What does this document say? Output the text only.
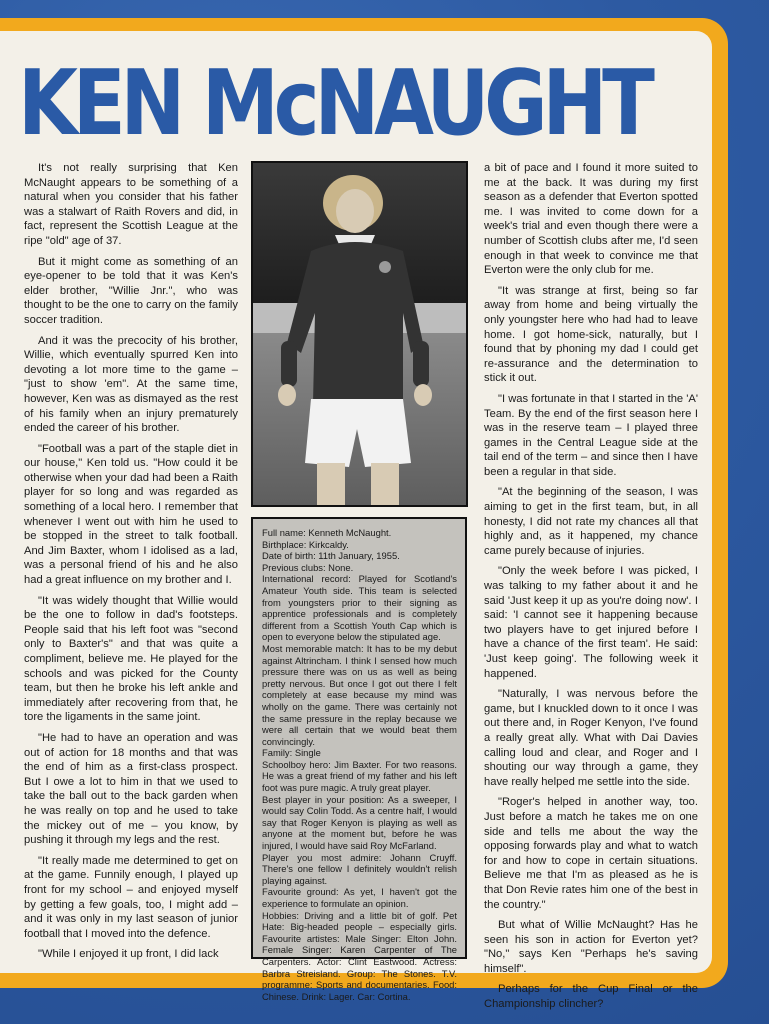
KEN McNAUGHT

It's not really surprising that Ken McNaught appears to be something of a natural when you consider that his father was a stalwart of Raith Rovers and did, in fact, represent the Scottish League at the ripe "old" age of 37.

But it might come as something of an eye-opener to be told that it was Ken's elder brother, "Willie Jnr.", who was thought to be the one to carry on the family soccer tradition.

And it was the precocity of his brother, Willie, which eventually spurred Ken into devoting a lot more time to the game – "just to show 'em". At the same time, however, Ken was as dismayed as the rest of his family when an injury prematurely ended the career of his brother.

"Football was a part of the staple diet in our house," Ken told us. "How could it be otherwise when your dad had been a Raith player for so long and was regarded as something of a local hero. I remember that whenever I went out with him he used to be stopped in the street to talk football. And Jim Baxter, whom I idolised as a lad, was a personal friend of his and he also had a great influence on my brother and I.

"It was widely thought that Willie would be the one to follow in dad's footsteps. People said that his left foot was "second only to Baxter's" and that was quite a compliment, believe me. He played for the schools and was picked for the County team, but then he broke his left ankle and immediately after recovering from that, he tore the ligaments in the same joint.

"He had to have an operation and was out of action for 18 months and that was the end of him as a first-class prospect. But I owe a lot to him in that we used to take the ball out to the back garden when he was really on top and he used to take the mickey out of me – you know, by pushing it through my legs and the rest.

"It really made me determined to get on at the game. Funnily enough, I played up front for my school – and enjoyed myself by getting a few goals, too, I might add – and it was only in my last season of junior football that I moved into the defence.

"While I enjoyed it up front, I did lack

Full name: Kenneth McNaught.
Birthplace: Kirkcaldy.
Date of birth: 11th January, 1955.
Previous clubs: None.
International record: Played for Scotland's Amateur Youth side. This team is selected from youngsters prior to their signing as apprentice professionals and is completely different from a Scottish Youth Cap which is open to everyone below the stipulated age.
Most memorable match: It has to be my debut against Altrincham. I think I sensed how much pressure there was on us as well as being pretty nervous. But once I got out there I felt completely at ease because my mind was wholly on the game. There was certainly not the same pressure in the replay because we were all certain that we would beat them convincingly.
Family: Single
Schoolboy hero: Jim Baxter. For two reasons. He was a great friend of my father and his left foot was pure magic. A truly great player.
Best player in your position: As a sweeper, I would say Colin Todd. As a centre half, I would say that Roger Kenyon is playing as well as anyone at the moment but, before he was injured, I would have said Roy McFarland.
Player you most admire: Johann Cruyff. There's one fellow I definitely wouldn't relish playing against.
Favourite ground: As yet, I haven't got the experience to formulate an opinion.
Hobbies: Driving and a little bit of golf. Pet Hate: Big-headed people – especially girls. Favourite artistes: Male Singer: Elton John. Female Singer: Karen Carpenter of The Carpenters. Actor: Clint Eastwood. Actress: Barbra Streisland. Group: The Stones. T.V. programme: Sports and documentaries. Food: Chinese. Drink: Lager. Car: Cortina.

a bit of pace and I found it more suited to me at the back. It was during my first season as a defender that Everton spotted me. I was invited to come down for a week's trial and even though there were a number of Scottish clubs after me, I'd seen enough in that week to convince me that Everton were the only club for me.

"It was strange at first, being so far away from home and being virtually the only youngster here who had had to leave home. I got home-sick, naturally, but I found that by phoning my dad I could get re-assurance and the determination to stick it out.

"I was fortunate in that I started in the 'A' Team. By the end of the first season here I was in the reserve team – I played three games in the Central League side at the tail end of the term – and since then I have been a regular in that side.

"At the beginning of the season, I was aiming to get in the first team, but, in all honesty, I did not rate my chances all that highly and, as it happened, my chance came purely because of injuries.

"Only the week before I was picked, I was talking to my father about it and he said 'Just keep it up as you're doing now'. I said: 'I cannot see it happening because two players have to get injured before I have a chance of the first team'. He said: 'Just keep going'. The following week it happened.

"Naturally, I was nervous before the game, but I knuckled down to it once I was out there and, in Roger Kenyon, I've found a really great ally. What with Dai Davies calling loud and clear, and Roger and I shouting our way through a game, they have really helped me settle into the side.

"Roger's helped in another way, too. Just before a match he takes me on one side and tells me about the way the opposing forwards play and what to watch for and how to cope in certain situations. Believe me that I'm as pleased as he is that Don Revie rates him one of the best in the country."

But what of Willie McNaught? Has he seen his son in action for Everton yet? "No," says Ken "Perhaps he's saving himself".

Perhaps for the Cup Final or the Championship clincher?
